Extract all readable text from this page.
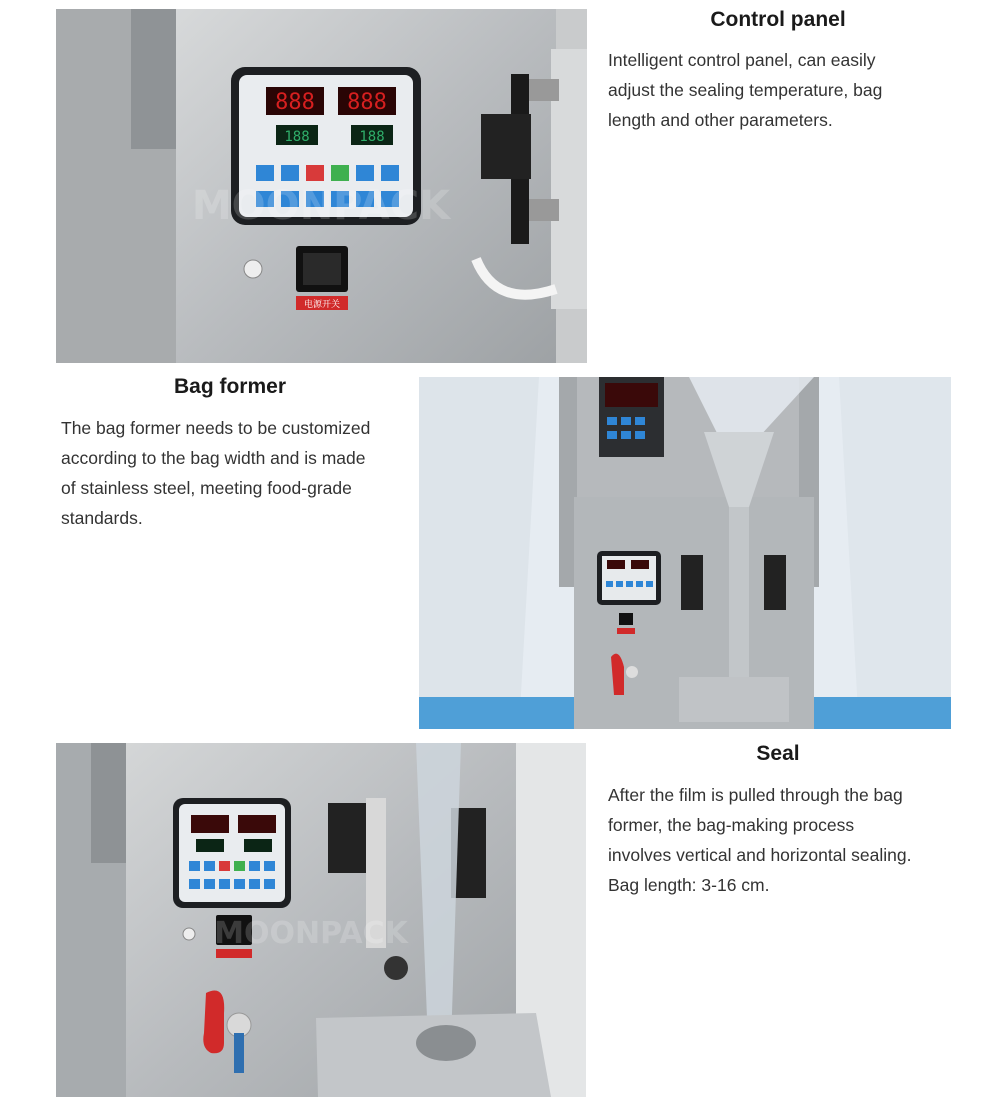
888 888
188	188
电源开关
MOONPACK
Control panel
Intelligent control panel, can easily
adjust the sealing temperature, bag
length and other parameters.
Bag former
The bag former needs to be customized
according to the bag width and is made
of stainless steel, meeting food-grade
standards.
MOONPACK
Seal
After the film is pulled through the bag
former, the bag-making process
involves vertical and horizontal sealing.
Bag length: 3-16 cm.
